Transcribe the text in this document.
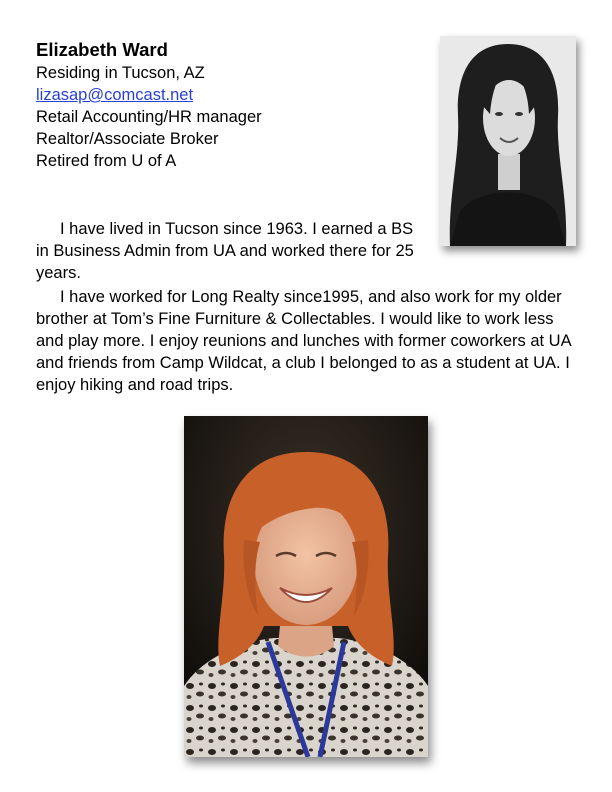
Elizabeth Ward
Residing in Tucson, AZ
lizasap@comcast.net
Retail Accounting/HR manager
Realtor/Associate Broker
Retired from U of A

I have lived in Tucson since 1963. I earned a BS in Business Admin from UA and worked there for 25 years.

I have worked for Long Realty since1995, and also work for my older brother at Tom’s Fine Furniture & Collectables. I would like to work less and play more. I enjoy reunions and lunches with former coworkers at UA and friends from Camp Wildcat, a club I belonged to as a student at UA. I enjoy hiking and road trips.
